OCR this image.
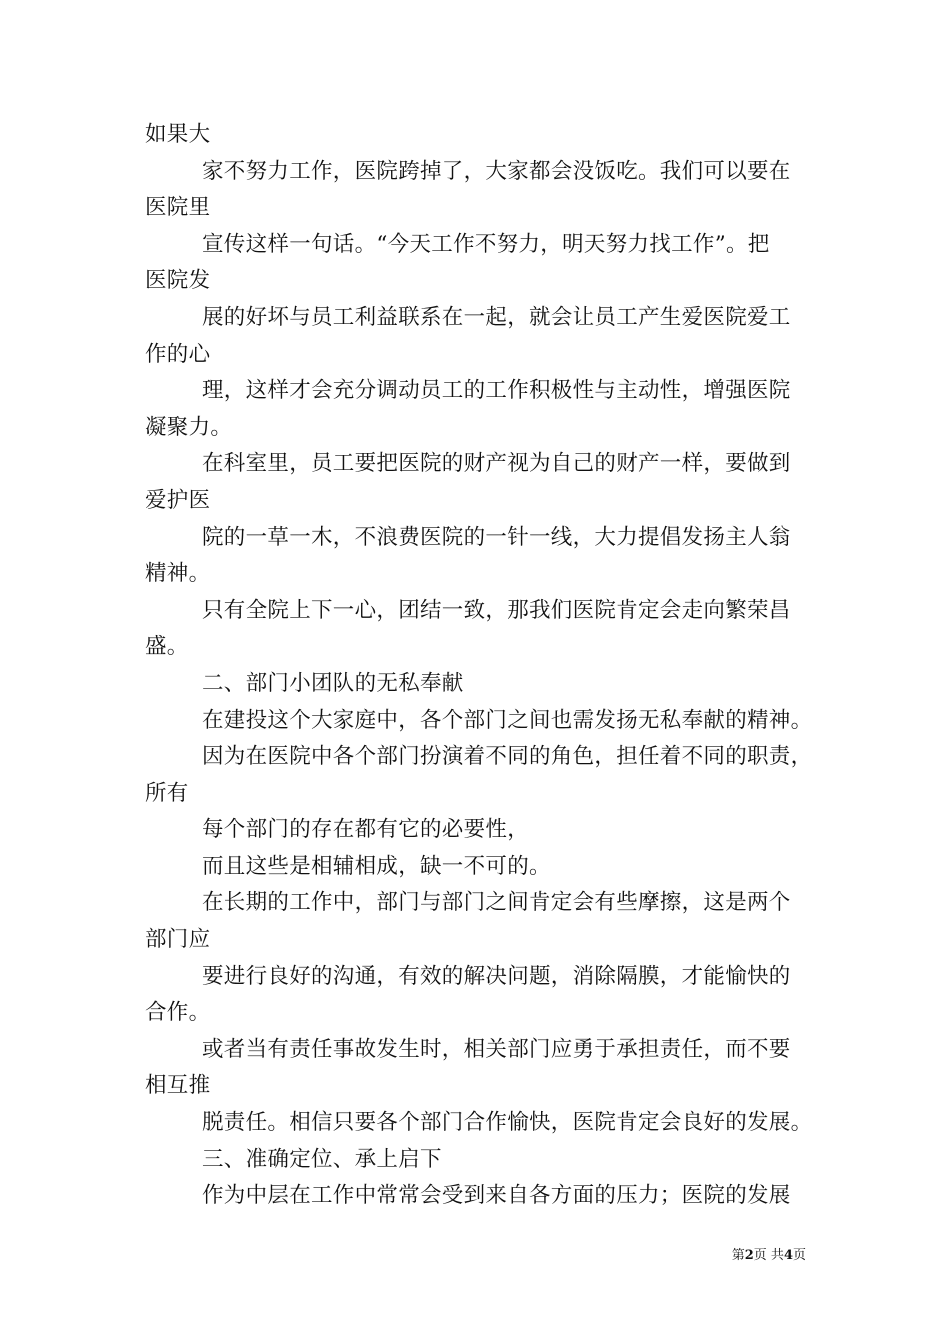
如果大
家不努力工作，医院跨掉了，大家都会没饭吃。我们可以要在
医院里
宣传这样一句话。“今天工作不努力，明天努力找工作”。把
医院发
展的好坏与员工利益联系在一起，就会让员工产生爱医院爱工
作的心
理，这样才会充分调动员工的工作积极性与主动性，增强医院
凝聚力。
在科室里，员工要把医院的财产视为自己的财产一样，要做到
爱护医
院的一草一木，不浪费医院的一针一线，大力提倡发扬主人翁
精神。
只有全院上下一心，团结一致，那我们医院肯定会走向繁荣昌
盛。
二、部门小团队的无私奉献
在建投这个大家庭中，各个部门之间也需发扬无私奉献的精神。
因为在医院中各个部门扮演着不同的角色，担任着不同的职责，
所有
每个部门的存在都有它的必要性，
而且这些是相辅相成，缺一不可的。
在长期的工作中，部门与部门之间肯定会有些摩擦，这是两个
部门应
要进行良好的沟通，有效的解决问题，消除隔膜，才能愉快的
合作。
或者当有责任事故发生时，相关部门应勇于承担责任，而不要
相互推
脱责任。相信只要各个部门合作愉快，医院肯定会良好的发展。
三、准确定位、承上启下
作为中层在工作中常常会受到来自各方面的压力；医院的发展
第2页 共4页
